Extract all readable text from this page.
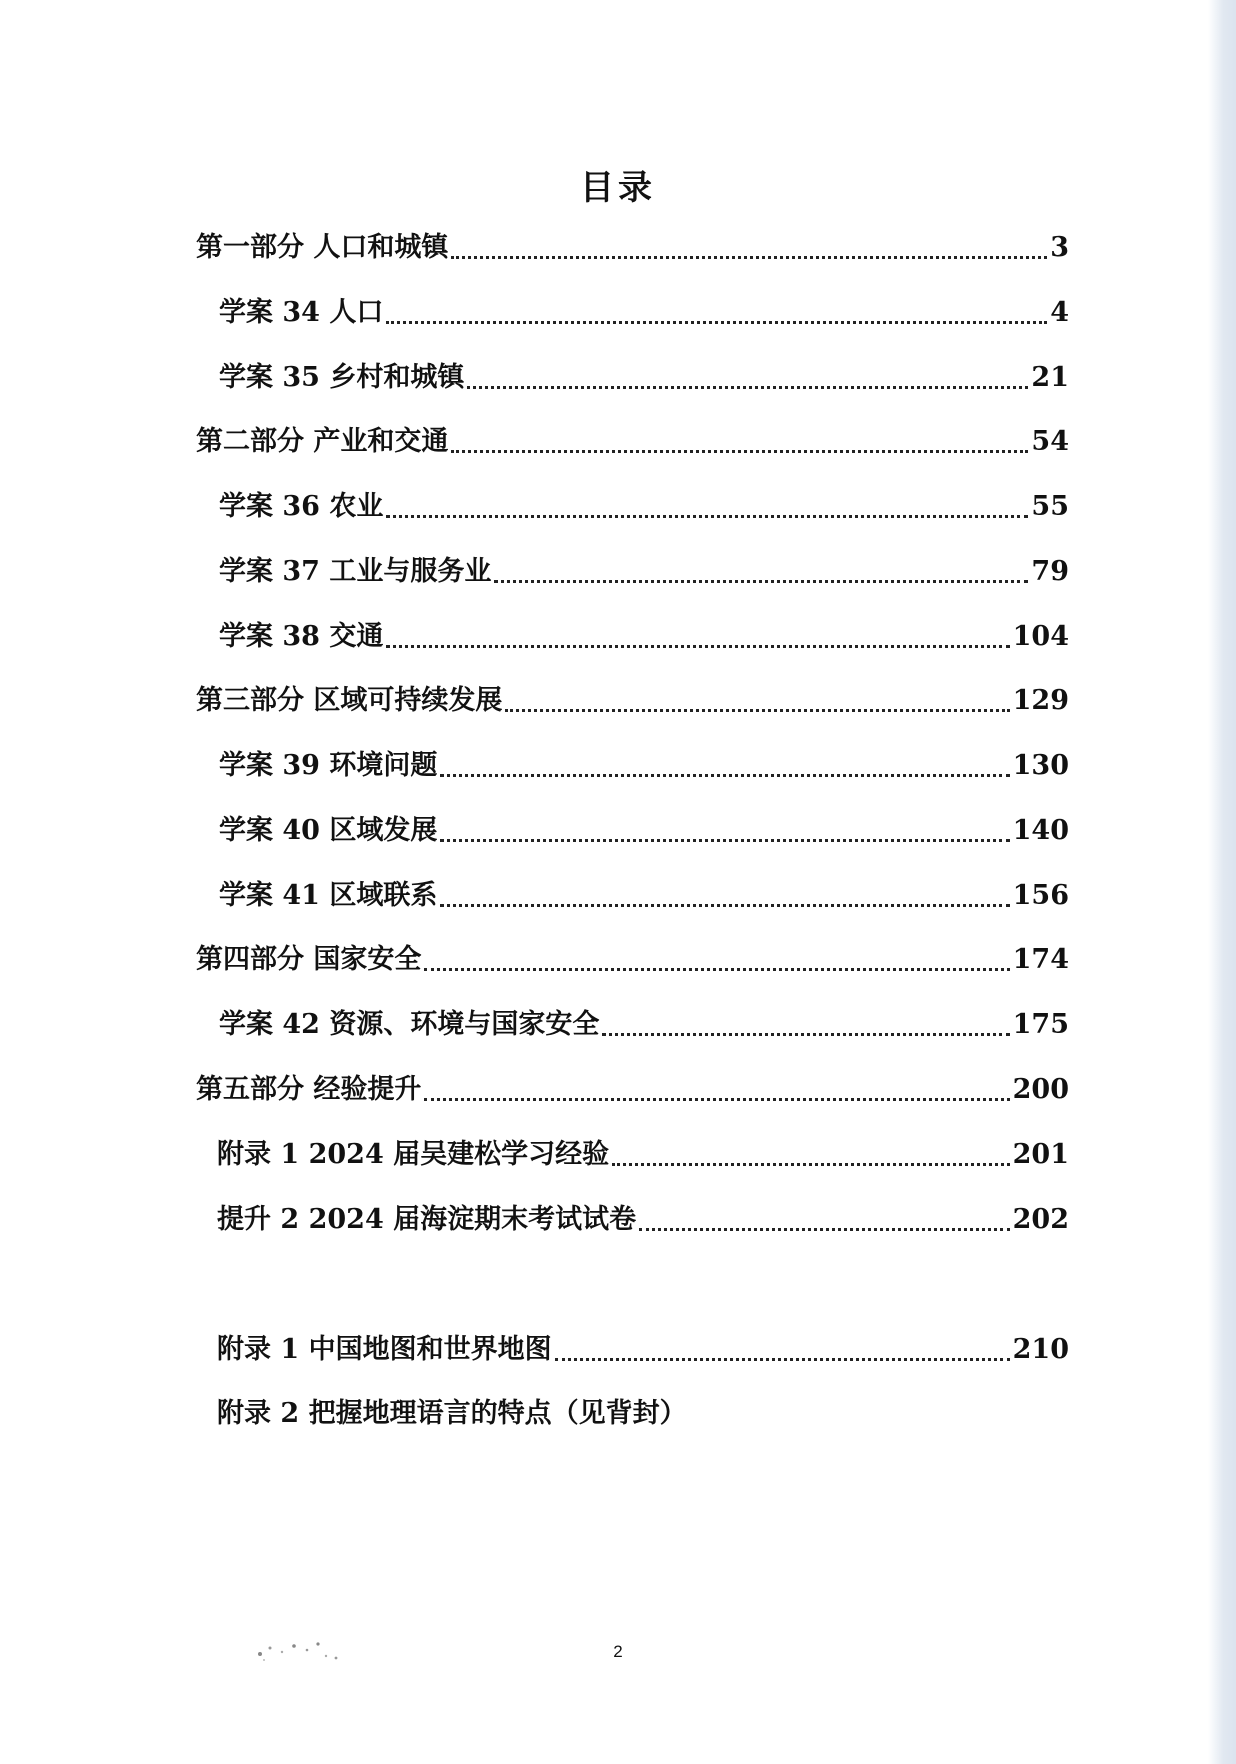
目录
第一部分 人口和城镇	3
学案 34 人口	4
学案 35 乡村和城镇	21
第二部分 产业和交通	54
学案 36 农业	55
学案 37 工业与服务业	79
学案 38 交通	104
第三部分 区域可持续发展	129
学案 39 环境问题	130
学案 40 区域发展	140
学案 41 区域联系	156
第四部分 国家安全	174
学案 42 资源、环境与国家安全	175
第五部分 经验提升	200
附录 1 2024 届吴建松学习经验	201
提升 2 2024 届海淀期末考试试卷	202
附录 1 中国地图和世界地图	210
附录 2 把握地理语言的特点（见背封）
2
